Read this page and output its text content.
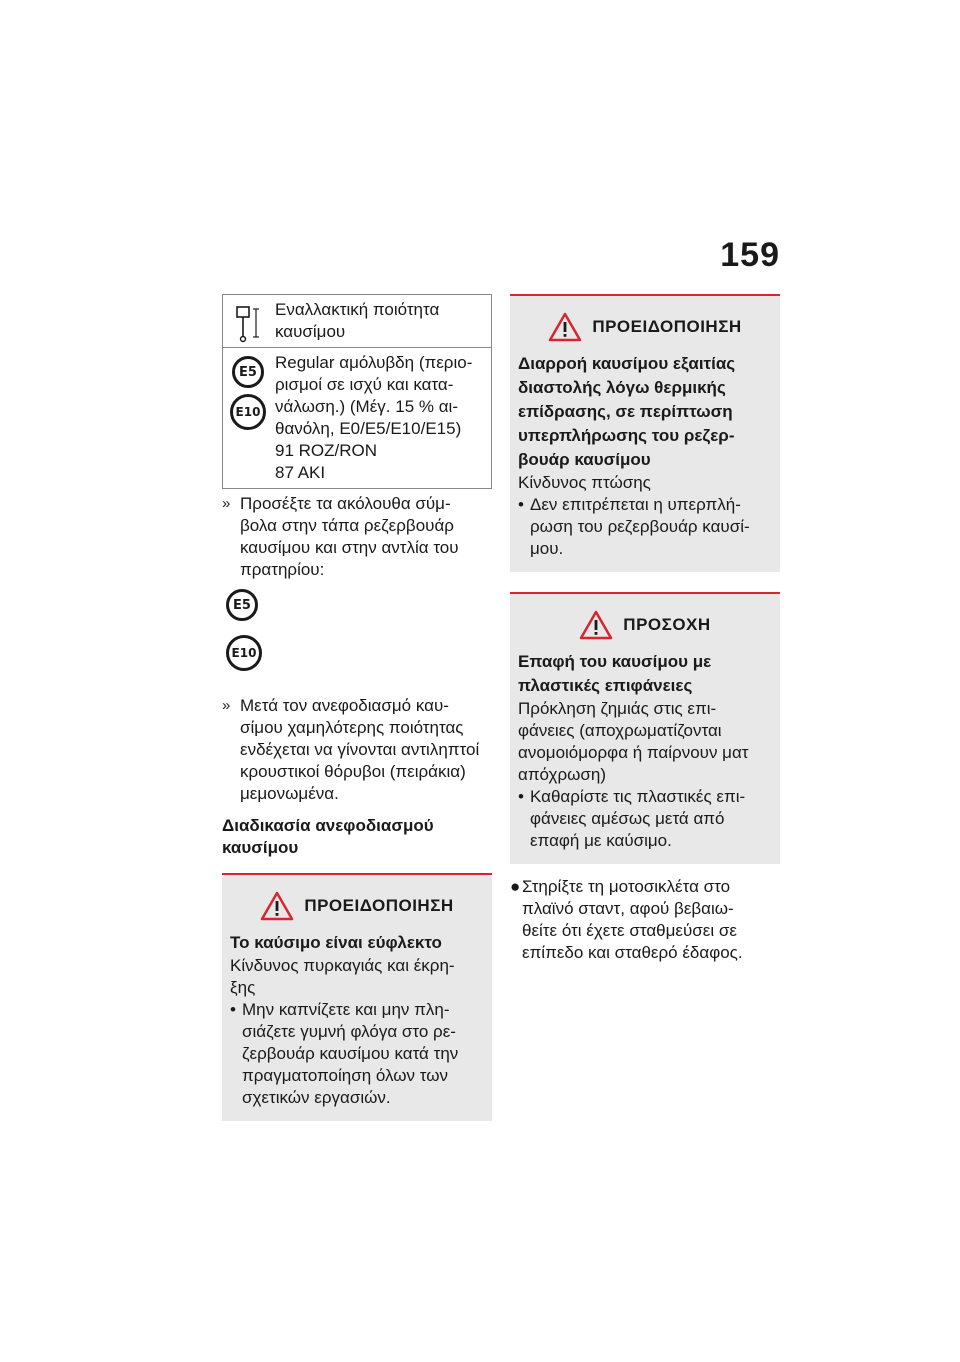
159
Εναλλακτική ποιότητα
καυσίμου
E5
E10
Regular αμόλυβδη (περιο-
ρισμοί σε ισχύ και κατα-
νάλωση.) (Μέγ. 15 % αι-
θανόλη, E0/E5/E10/E15)
91 ROZ/RON
87 AKI
» Προσέξτε τα ακόλουθα σύμ-
βολα στην τάπα ρεζερβουάρ
καυσίμου και στην αντλία του
πρατηρίου:
E5
E10
» Μετά τον ανεφοδιασμό καυ-
σίμου χαμηλότερης ποιότητας
ενδέχεται να γίνονται αντιληπτοί
κρουστικοί θόρυβοι (πειράκια)
μεμονωμένα.
Διαδικασία ανεφοδιασμού
καυσίμου
ΠΡΟΕΙΔΟΠΟΙΗΣΗ
Το καύσιμο είναι εύφλεκτο
Κίνδυνος πυρκαγιάς και έκρη-
ξης
• Μην καπνίζετε και μην πλη-
σιάζετε γυμνή φλόγα στο ρε-
ζερβουάρ καυσίμου κατά την
πραγματοποίηση όλων των
σχετικών εργασιών.
ΠΡΟΕΙΔΟΠΟΙΗΣΗ
Διαρροή καυσίμου εξαιτίας
διαστολής λόγω θερμικής
επίδρασης, σε περίπτωση
υπερπλήρωσης του ρεζερ-
βουάρ καυσίμου
Κίνδυνος πτώσης
• Δεν επιτρέπεται η υπερπλή-
ρωση του ρεζερβουάρ καυσί-
μου.
ΠΡΟΣΟΧΗ
Επαφή του καυσίμου με
πλαστικές επιφάνειες
Πρόκληση ζημιάς στις επι-
φάνειες (αποχρωματίζονται
ανομοιόμορφα ή παίρνουν ματ
απόχρωση)
• Καθαρίστε τις πλαστικές επι-
φάνειες αμέσως μετά από
επαφή με καύσιμο.
● Στηρίξτε τη μοτοσικλέτα στο
πλαϊνό σταντ, αφού βεβαιω-
θείτε ότι έχετε σταθμεύσει σε
επίπεδο και σταθερό έδαφος.
